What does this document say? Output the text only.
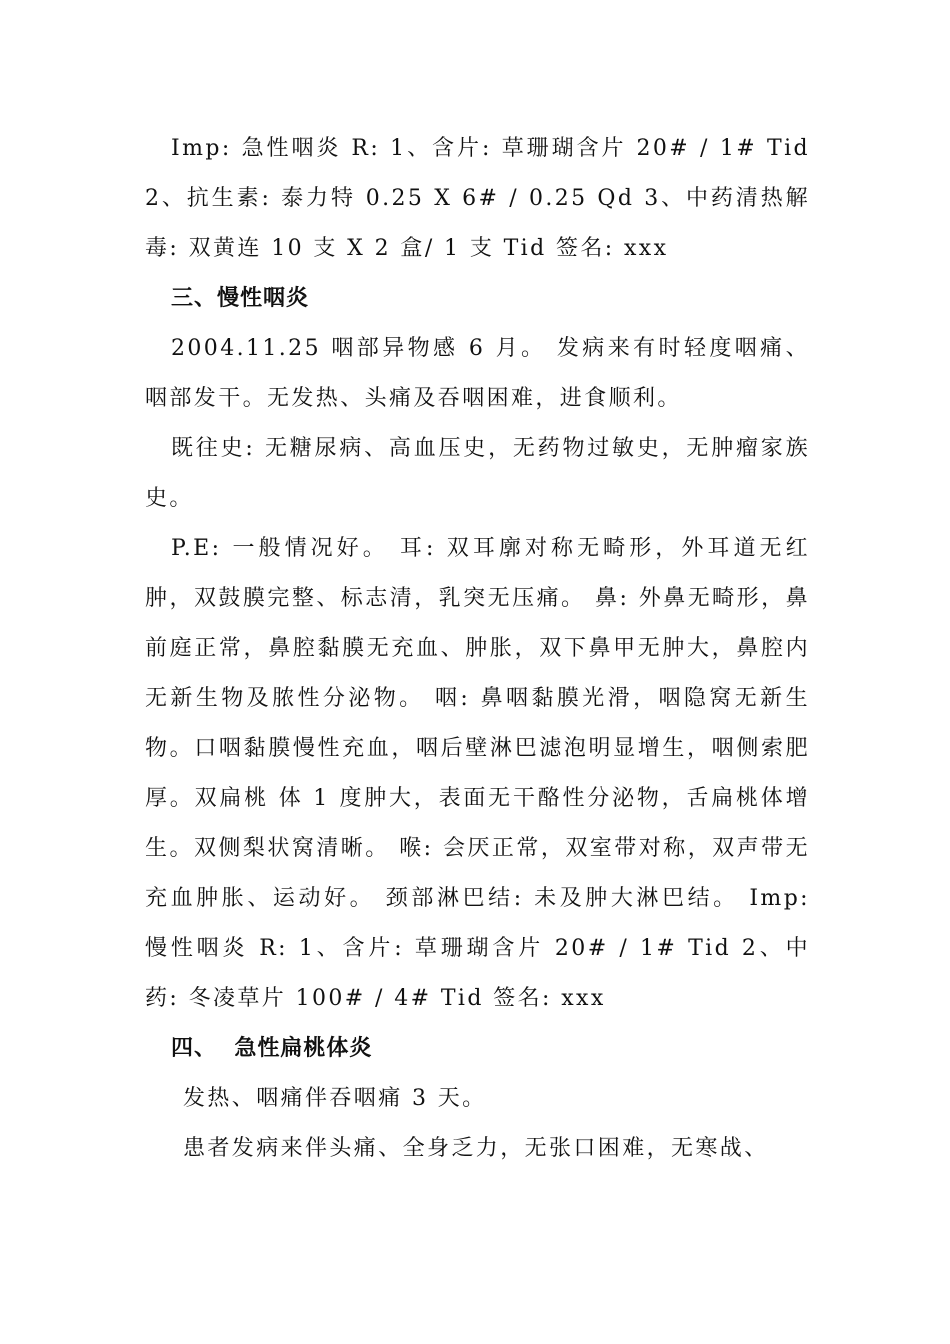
Imp: 急性咽炎 R: 1、含片: 草珊瑚含片 20# / 1# Tid 2、抗生素: 泰力特 0.25 X 6# / 0.25 Qd 3、中药清热解毒: 双黄连 10 支 X 2 盒/ 1 支 Tid 签名: xxx

三、慢性咽炎

2004.11.25 咽部异物感 6 月。 发病来有时轻度咽痛、咽部发干。无发热、头痛及吞咽困难，进食顺利。

既往史: 无糖尿病、高血压史，无药物过敏史，无肿瘤家族史。

P.E: 一般情况好。 耳: 双耳廓对称无畸形，外耳道无红肿，双鼓膜完整、标志清，乳突无压痛。 鼻: 外鼻无畸形，鼻前庭正常，鼻腔黏膜无充血、肿胀，双下鼻甲无肿大，鼻腔内无新生物及脓性分泌物。 咽: 鼻咽黏膜光滑，咽隐窝无新生物。口咽黏膜慢性充血，咽后壁淋巴滤泡明显增生，咽侧索肥厚。双扁桃 体 1 度肿大，表面无干酪性分泌物，舌扁桃体增生。双侧梨状窝清晰。 喉: 会厌正常，双室带对称，双声带无充血肿胀、运动好。 颈部淋巴结: 未及肿大淋巴结。 Imp: 慢性咽炎 R: 1、含片: 草珊瑚含片 20# / 1# Tid 2、中药: 冬凌草片 100# / 4# Tid 签名: xxx

四、  急性扁桃体炎

发热、咽痛伴吞咽痛 3 天。

患者发病来伴头痛、全身乏力，无张口困难，无寒战、
